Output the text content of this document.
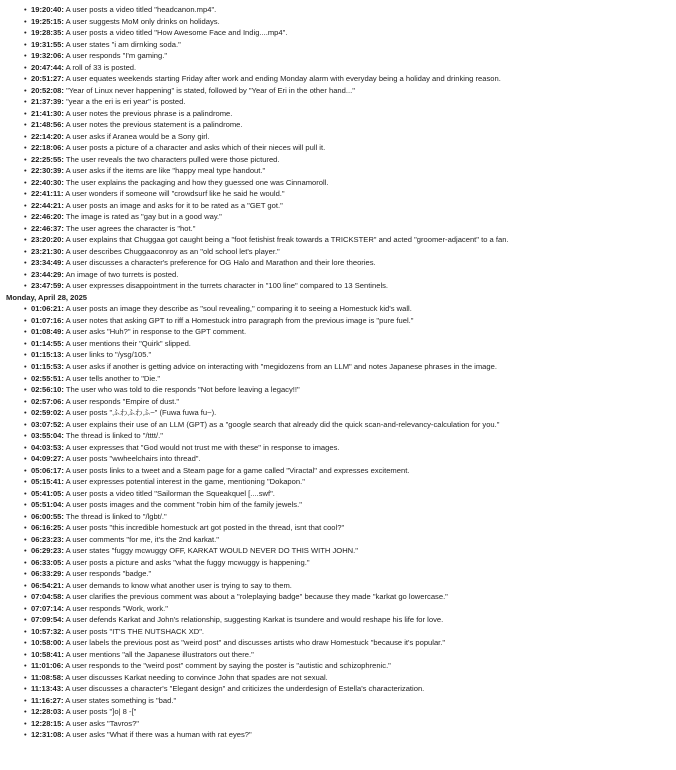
• 19:20:40: A user posts a video titled "headcanon.mp4".
• 19:25:15: A user suggests MoM only drinks on holidays.
• 19:28:35: A user posts a video titled "How Awesome Face and Indig....mp4".
• 19:31:55: A user states "i am dirnking soda."
• 19:32:06: A user responds "I'm gaming."
• 20:47:44: A roll of 33 is posted.
• 20:51:27: A user equates weekends starting Friday after work and ending Monday alarm with everyday being a holiday and drinking reason.
• 20:52:08: "Year of Linux never happening" is stated, followed by "Year of Eri in the other hand..."
• 21:37:39: "year a the eri is eri year" is posted.
• 21:41:30: A user notes the previous phrase is a palindrome.
• 21:48:56: A user notes the previous statement is a palindrome.
• 22:14:20: A user asks if Aranea would be a Sony girl.
• 22:18:06: A user posts a picture of a character and asks which of their nieces will pull it.
• 22:25:55: The user reveals the two characters pulled were those pictured.
• 22:30:39: A user asks if the items are like "happy meal type handout."
• 22:40:30: The user explains the packaging and how they guessed one was Cinnamoroll.
• 22:41:11: A user wonders if someone will "crowdsurf like he said he would."
• 22:44:21: A user posts an image and asks for it to be rated as a "GET got."
• 22:46:20: The image is rated as "gay but in a good way."
• 22:46:37: The user agrees the character is "hot."
• 23:20:20: A user explains that Chuggaa got caught being a "foot fetishist freak towards a TRICKSTER" and acted "groomer-adjacent" to a fan.
• 23:21:30: A user describes Chuggaaconroy as an "old school let's player."
• 23:34:49: A user discusses a character's preference for OG Halo and Marathon and their lore theories.
• 23:44:29: An image of two turrets is posted.
• 23:47:59: A user expresses disappointment in the turrets character in "100 line" compared to 13 Sentinels.
Monday, April 28, 2025
• 01:06:21: A user posts an image they describe as "soul revealing," comparing it to seeing a Homestuck kid's wall.
• 01:07:16: A user notes that asking GPT to riff a Homestuck intro paragraph from the previous image is "pure fuel."
• 01:08:49: A user asks "Huh?" in response to the GPT comment.
• 01:14:55: A user mentions their "Quirk" slipped.
• 01:15:13: A user links to "/ysg/105."
• 01:15:53: A user asks if another is getting advice on interacting with "megidozens from an LLM" and notes Japanese phrases in the image.
• 02:55:51: A user tells another to "Die."
• 02:56:10: The user who was told to die responds "Not before leaving a legacy!!"
• 02:57:06: A user responds "Empire of dust."
• 02:59:02: A user posts "ふわふわふ~" (Fuwa fuwa fu~).
• 03:07:52: A user explains their use of an LLM (GPT) as a "google search that already did the quick scan-and-relevancy-calculation for you."
• 03:55:04: The thread is linked to "/tttt/."
• 04:03:53: A user expresses that "God would not trust me with these" in response to images.
• 04:09:27: A user posts "wwheelchairs into thread".
• 05:06:17: A user posts links to a tweet and a Steam page for a game called "Viractal" and expresses excitement.
• 05:15:41: A user expresses potential interest in the game, mentioning "Dokapon."
• 05:41:05: A user posts a video titled "Sailorman the Squeakquel [....swf".
• 05:51:04: A user posts images and the comment "robin him of the family jewels."
• 06:00:55: The thread is linked to "/lgbt/."
• 06:16:25: A user posts "this incredible homestuck art got posted in the thread, isnt that cool?"
• 06:23:23: A user comments "for me, it's the 2nd karkat."
• 06:29:23: A user states "fuggy mcwuggy OFF, KARKAT WOULD NEVER DO THIS WITH JOHN."
• 06:33:05: A user posts a picture and asks "what the fuggy mcwuggy is happening."
• 06:33:29: A user responds "badge."
• 06:54:21: A user demands to know what another user is trying to say to them.
• 07:04:58: A user clarifies the previous comment was about a "roleplaying badge" because they made "karkat go lowercase."
• 07:07:14: A user responds "Work, work."
• 07:09:54: A user defends Karkat and John's relationship, suggesting Karkat is tsundere and would reshape his life for love.
• 10:57:32: A user posts "IT'S THE NUTSHACK XD".
• 10:58:00: A user labels the previous post as "weird post" and discusses artists who draw Homestuck "because it's popular."
• 10:58:41: A user mentions "all the Japanese illustrators out there."
• 11:01:06: A user responds to the "weird post" comment by saying the poster is "autistic and schizophrenic."
• 11:08:58: A user discusses Karkat needing to convince John that spades are not sexual.
• 11:13:43: A user discusses a character's "Elegant design" and criticizes the underdesign of Estella's characterization.
• 11:16:27: A user states something is "bad."
• 12:28:03: A user posts "]o| 8 -["
• 12:28:15: A user asks "Tavros?"
• 12:31:08: A user asks "What if there was a human with rat eyes?"
